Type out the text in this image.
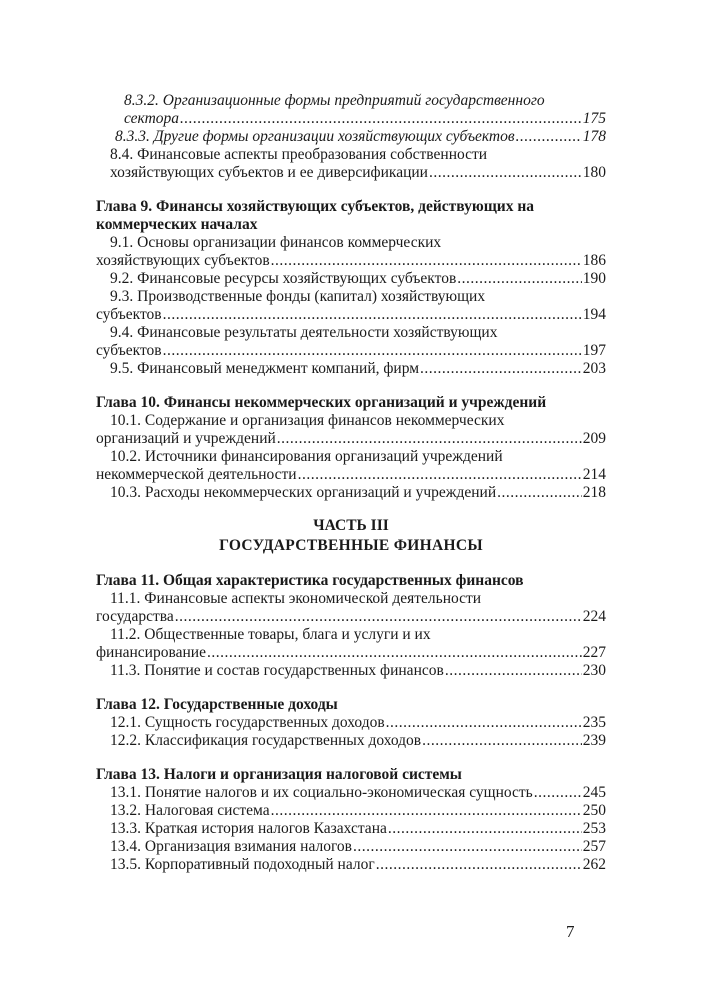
8.3.2. Организационные формы предприятий государственного
сектора .....	175
8.3.3. Другие формы организации хозяйствующих субъектов .....	178
8.4. Финансовые аспекты преобразования собственности
хозяйствующих субъектов и ее диверсификации .....	180
Глава 9. Финансы хозяйствующих субъектов, действующих на
коммерческих началах
9.1. Основы организации финансов коммерческих
хозяйствующих субъектов .....	186
9.2. Финансовые ресурсы хозяйствующих субъектов .....	190
9.3. Производственные фонды (капитал) хозяйствующих
субъектов .....	194
9.4. Финансовые результаты деятельности хозяйствующих
субъектов .....	197
9.5. Финансовый менеджмент компаний, фирм .....	203
Глава 10. Финансы некоммерческих организаций и учреждений
10.1. Содержание и организация финансов некоммерческих
организаций и учреждений .....	209
10.2. Источники финансирования организаций учреждений
некоммерческой деятельности .....	214
10.3. Расходы некоммерческих организаций и учреждений .....	218
ЧАСТЬ III
ГОСУДАРСТВЕННЫЕ ФИНАНСЫ
Глава 11. Общая характеристика государственных финансов
11.1. Финансовые аспекты экономической деятельности
государства .....	224
11.2. Общественные товары, блага и услуги и их
финансирование .....	227
11.3. Понятие и состав государственных финансов .....	230
Глава 12. Государственные доходы
12.1. Сущность государственных доходов .....	235
12.2. Классификация государственных доходов .....	239
Глава 13. Налоги и организация налоговой системы
13.1. Понятие налогов и их социально-экономическая сущность .....	245
13.2. Налоговая система .....	250
13.3. Краткая история налогов Казахстана .....	253
13.4. Организация взимания налогов .....	257
13.5. Корпоративный подоходный налог .....	262
7
